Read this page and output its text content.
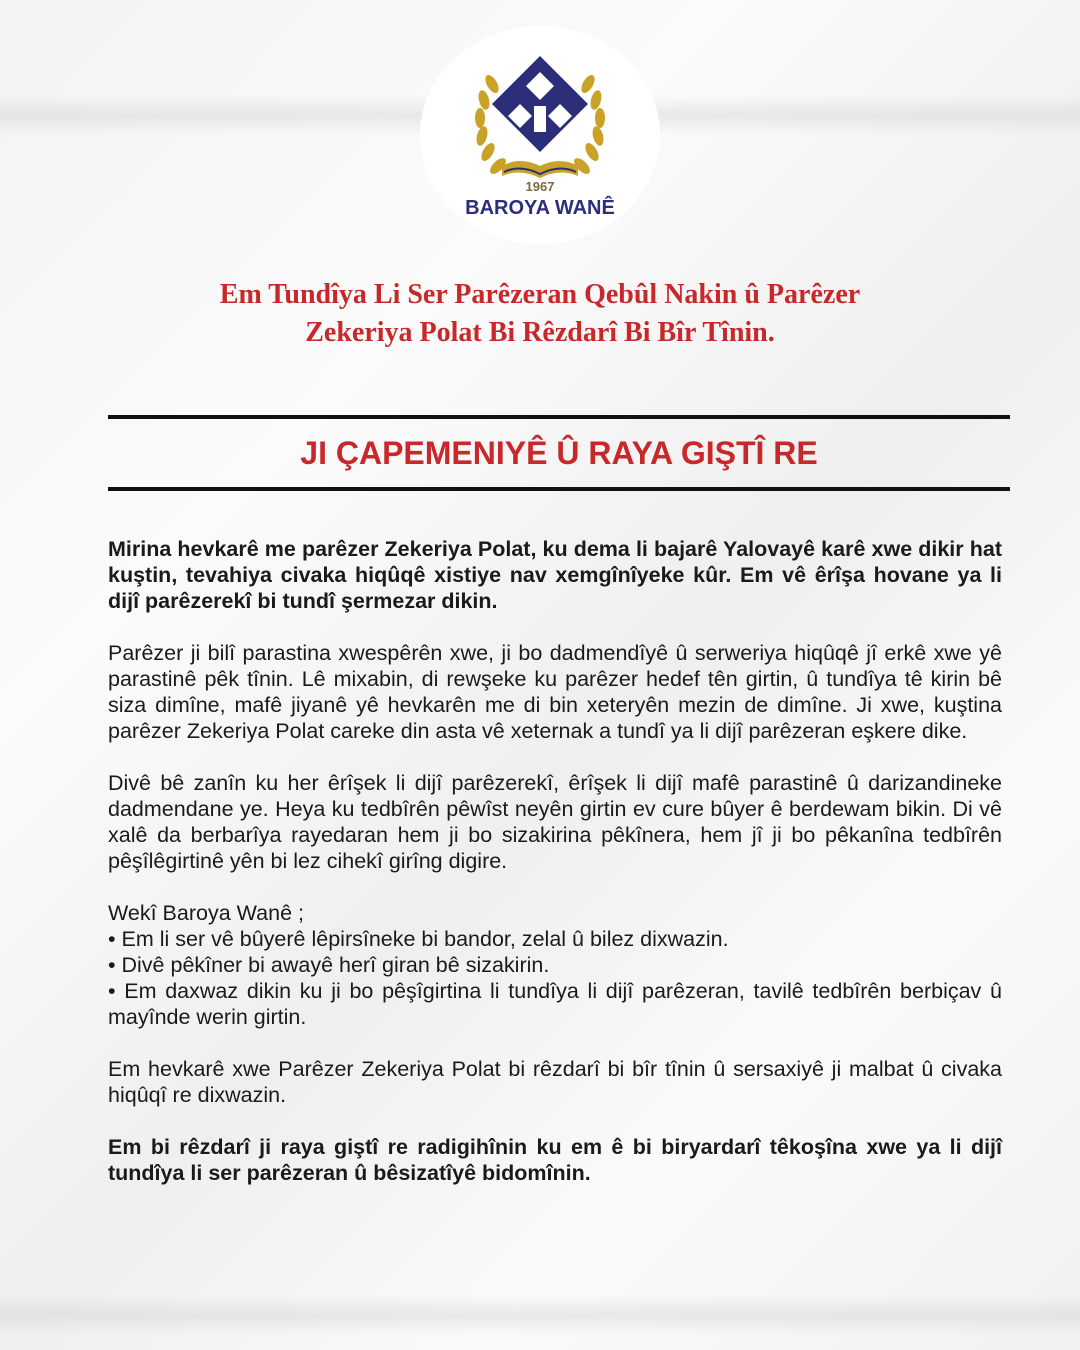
1967
BAROYA WANÊ
Em Tundîya Li Ser Parêzeran Qebûl Nakin û Parêzer
Zekeriya Polat Bi Rêzdarî Bi Bîr Tînin.
JI ÇAPEMENIYÊ Û RAYA GIŞTÎ RE

Mirina hevkarê me parêzer Zekeriya Polat, ku dema li bajarê Yalovayê karê xwe dikir hat kuştin, tevahiya civaka hiqûqê xistiye nav xemgînîyeke kûr. Em vê êrîşa hovane ya li dijî parêzerekî bi tundî şermezar dikin.

Parêzer ji bilî parastina xwespêrên xwe, ji bo dadmendîyê û serweriya hiqûqê jî erkê xwe yê parastinê pêk tînin. Lê mixabin, di rewşeke ku parêzer hedef tên girtin, û tundîya tê kirin bê siza dimîne, mafê jiyanê yê hevkarên me di bin xeteryên mezin de dimîne. Ji xwe, kuştina parêzer Zekeriya Polat careke din asta vê xeternak a tundî ya li dijî parêzeran eşkere dike.

Divê bê zanîn ku her êrîşek li dijî parêzerekî, êrîşek li dijî mafê parastinê û darizandineke dadmendane ye. Heya ku tedbîrên pêwîst neyên girtin ev cure bûyer ê berdewam bikin. Di vê xalê da berbarîya rayedaran hem ji bo sizakirina pêkînera, hem jî ji bo pêkanîna tedbîrên pêşîlêgirtinê yên bi lez cihekî girîng digire.

Wekî Baroya Wanê ;
• Em li ser vê bûyerê lêpirsîneke bi bandor, zelal û bilez dixwazin.
• Divê pêkîner bi awayê herî giran bê sizakirin.
• Em daxwaz dikin ku ji bo pêşîgirtina li tundîya li dijî parêzeran, tavilê tedbîrên berbiçav û mayînde werin girtin.

Em hevkarê xwe Parêzer Zekeriya Polat bi rêzdarî bi bîr tînin û sersaxiyê ji malbat û civaka hiqûqî re dixwazin.

Em bi rêzdarî ji raya giştî re radigihînin ku em ê bi biryardarî têkoşîna xwe ya li dijî tundîya li ser parêzeran û bêsizatîyê bidomînin.
